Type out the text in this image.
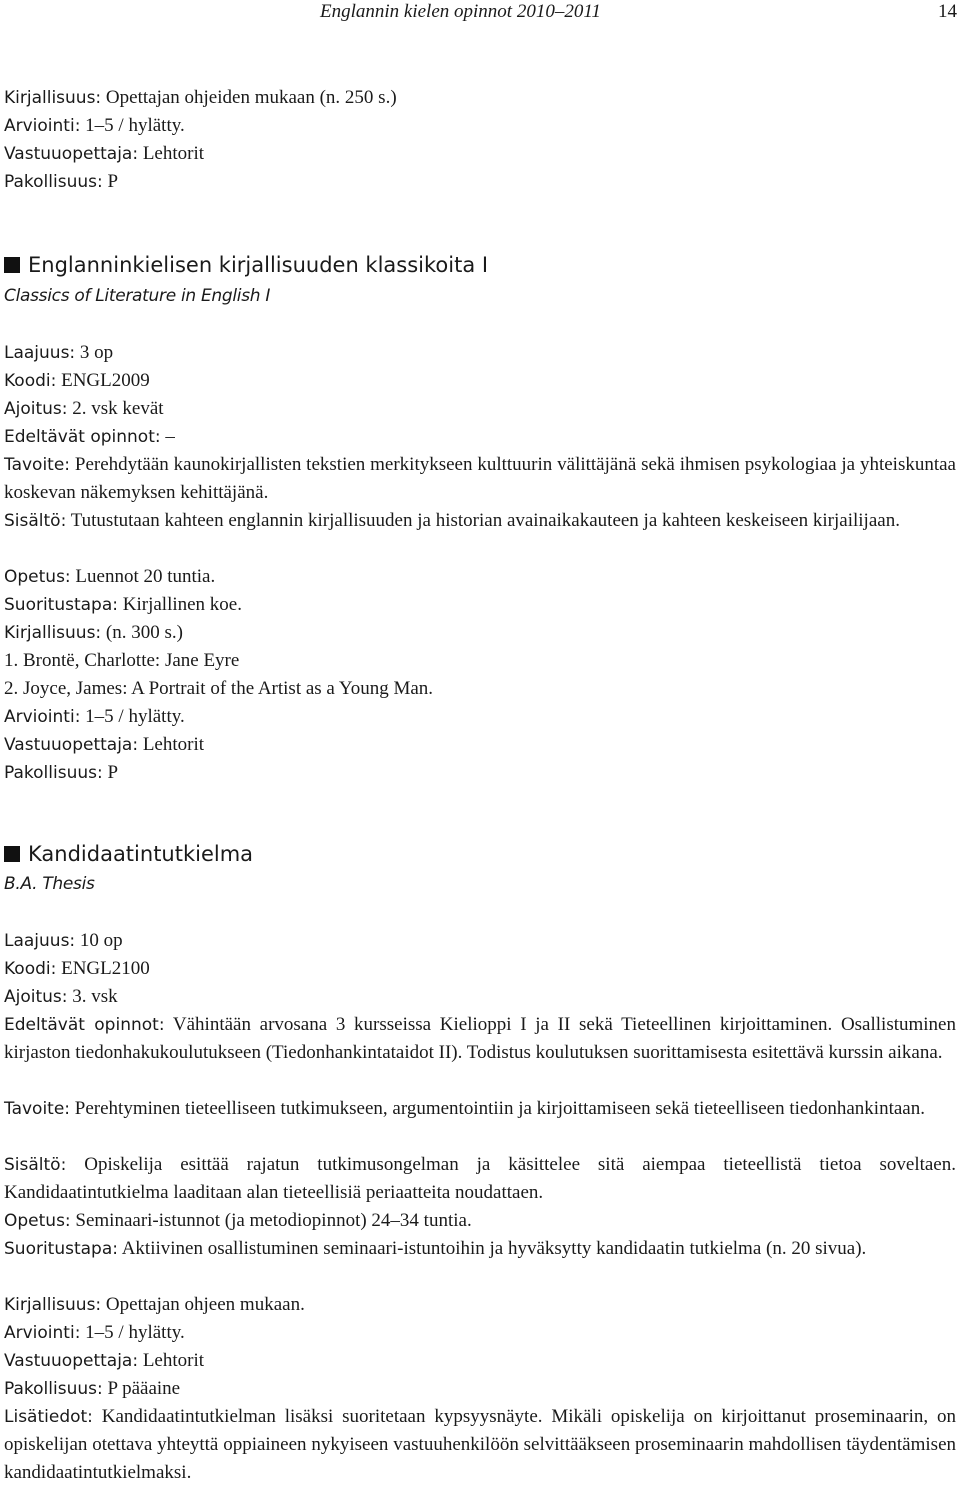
Englannin kielen opinnot 2010–2011	14
Kirjallisuus: Opettajan ohjeiden mukaan (n. 250 s.)
Arviointi: 1–5 / hylätty.
Vastuuopettaja: Lehtorit
Pakollisuus: P
Englanninkielisen kirjallisuuden klassikoita I
Classics of Literature in English I
Laajuus: 3 op
Koodi: ENGL2009
Ajoitus: 2. vsk kevät
Edeltävät opinnot: –
Tavoite: Perehdytään kaunokirjallisten tekstien merkitykseen kulttuurin välittäjänä sekä ihmisen psykologiaa ja yhteiskuntaa koskevan näkemyksen kehittäjänä.
Sisältö: Tutustutaan kahteen englannin kirjallisuuden ja historian avainaikakauteen ja kahteen keskeiseen kirjailijaan.
Opetus: Luennot 20 tuntia.
Suoritustapa: Kirjallinen koe.
Kirjallisuus: (n. 300 s.)
1. Brontë, Charlotte: Jane Eyre
2. Joyce, James: A Portrait of the Artist as a Young Man.
Arviointi: 1–5 / hylätty.
Vastuuopettaja: Lehtorit
Pakollisuus: P
Kandidaatintutkielma
B.A. Thesis
Laajuus: 10 op
Koodi: ENGL2100
Ajoitus: 3. vsk
Edeltävät opinnot: Vähintään arvosana 3 kursseissa Kielioppi I ja II sekä Tieteellinen kirjoittaminen. Osallistuminen kirjaston tiedonhakukoulutukseen (Tiedonhankintataidot II). Todistus koulutuksen suorittamisesta esitettävä kurssin aikana.
Tavoite: Perehtyminen tieteelliseen tutkimukseen, argumentointiin ja kirjoittamiseen sekä tieteelliseen tiedonhankintaan.
Sisältö: Opiskelija esittää rajatun tutkimusongelman ja käsittelee sitä aiempaa tieteellistä tietoa soveltaen. Kandidaatintutkielma laaditaan alan tieteellisiä periaatteita noudattaen.
Opetus: Seminaari-istunnot (ja metodiopinnot) 24–34 tuntia.
Suoritustapa: Aktiivinen osallistuminen seminaari-istuntoihin ja hyväksytty kandidaatin tutkielma (n. 20 sivua).
Kirjallisuus: Opettajan ohjeen mukaan.
Arviointi: 1–5 / hylätty.
Vastuuopettaja: Lehtorit
Pakollisuus: P pääaine
Lisätiedot: Kandidaatintutkielman lisäksi suoritetaan kypsyysnäyte. Mikäli opiskelija on kirjoittanut proseminaarin, on opiskelijan otettava yhteyttä oppiaineen nykyiseen vastuuhenkilöön selvittääkseen proseminaarin mahdollisen täydentämisen kandidaatintutkielmaksi.
